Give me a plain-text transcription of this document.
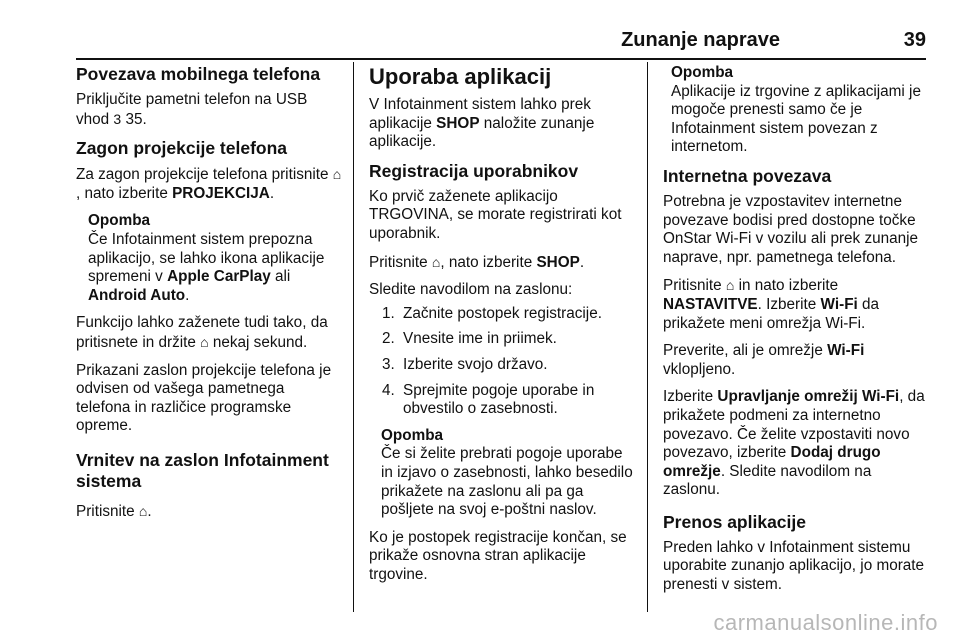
Zunanje naprave	39
Povezava mobilnega telefona

Priključite pametni telefon na USB vhod 3 35.

Zagon projekcije telefona

Za zagon projekcije telefona pritisnite ⌂, nato izberite PROJEKCIJA.

Opomba
Če Infotainment sistem prepozna aplikacijo, se lahko ikona aplikacije spremeni v Apple CarPlay ali Android Auto.

Funkcijo lahko zaženete tudi tako, da pritisnete in držite ⌂ nekaj sekund.

Prikazani zaslon projekcije telefona je odvisen od vašega pametnega telefona in različice programske opreme.

Vrnitev na zaslon Infotainment sistema

Pritisnite ⌂.

Uporaba aplikacij

V Infotainment sistem lahko prek aplikacije SHOP naložite zunanje aplikacije.

Registracija uporabnikov

Ko prvič zaženete aplikacijo TRGOVINA, se morate registrirati kot uporabnik.

Pritisnite ⌂, nato izberite SHOP.

Sledite navodilom na zaslonu:

1. Začnite postopek registracije.
2. Vnesite ime in priimek.
3. Izberite svojo državo.
4. Sprejmite pogoje uporabe in obvestilo o zasebnosti.
Opomba
Če si želite prebrati pogoje uporabe in izjavo o zasebnosti, lahko besedilo prikažete na zaslonu ali pa ga pošljete na svoj e-poštni naslov.

Ko je postopek registracije končan, se prikaže osnovna stran aplikacije trgovine.

Opomba
Aplikacije iz trgovine z aplikacijami je mogoče prenesti samo če je Infotainment sistem povezan z internetom.
Internetna povezava

Potrebna je vzpostavitev internetne povezave bodisi pred dostopne točke OnStar Wi-Fi v vozilu ali prek zunanje naprave, npr. pametnega telefona.

Pritisnite ⌂ in nato izberite NASTAVITVE. Izberite Wi-Fi da prikažete meni omrežja Wi-Fi.

Preverite, ali je omrežje Wi-Fi vklopljeno.

Izberite Upravljanje omrežij Wi-Fi, da prikažete podmeni za internetno povezavo. Če želite vzpostaviti novo povezavo, izberite Dodaj drugo omrežje. Sledite navodilom na zaslonu.

Prenos aplikacije

Preden lahko v Infotainment sistemu uporabite zunanjo aplikacijo, jo morate prenesti v sistem.

carmanualsonline.info
